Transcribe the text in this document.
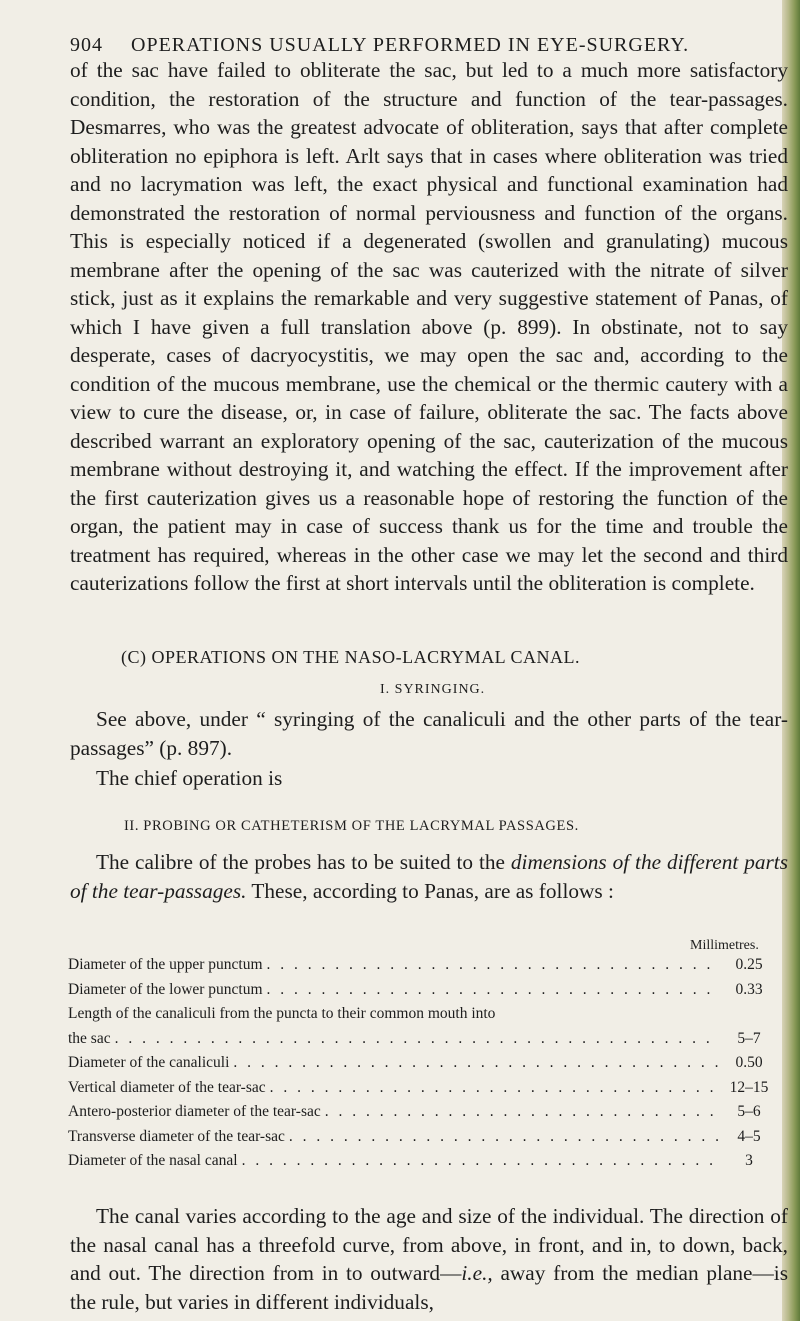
904 OPERATIONS USUALLY PERFORMED IN EYE-SURGERY.

of the sac have failed to obliterate the sac, but led to a much more satisfactory condition, the restoration of the structure and function of the tear-passages. Desmarres, who was the greatest advocate of obliteration, says that after complete obliteration no epiphora is left. Arlt says that in cases where obliteration was tried and no lacrymation was left, the exact physical and functional examination had demonstrated the restoration of normal perviousness and function of the organs. This is especially noticed if a degenerated (swollen and granulating) mucous membrane after the opening of the sac was cauterized with the nitrate of silver stick, just as it explains the remarkable and very suggestive statement of Panas, of which I have given a full translation above (p. 899). In obstinate, not to say desperate, cases of dacryocystitis, we may open the sac and, according to the condition of the mucous membrane, use the chemical or the thermic cautery with a view to cure the disease, or, in case of failure, obliterate the sac. The facts above described warrant an exploratory opening of the sac, cauterization of the mucous membrane without destroying it, and watching the effect. If the improvement after the first cauterization gives us a reasonable hope of restoring the function of the organ, the patient may in case of success thank us for the time and trouble the treatment has required, whereas in the other case we may let the second and third cauterizations follow the first at short intervals until the obliteration is complete.

(C) OPERATIONS ON THE NASO-LACRYMAL CANAL.
I. SYRINGING.

See above, under “ syringing of the canaliculi and the other parts of the tear-passages” (p. 897).

The chief operation is

II. PROBING OR CATHETERISM OF THE LACRYMAL PASSAGES.

The calibre of the probes has to be suited to the dimensions of the different parts of the tear-passages. These, according to Panas, are as follows :

Millimetres.
Diameter of the upper punctum . . .	0.25
Diameter of the lower punctum . . .	0.33
Length of the canaliculi from the puncta to their common mouth into
the sac . . .	5–7
Diameter of the canaliculi . . .	0.50
Vertical diameter of the tear-sac . . .	12–15
Antero-posterior diameter of the tear-sac . . .	5–6
Transverse diameter of the tear-sac . . .	4–5
Diameter of the nasal canal . . .	3

The canal varies according to the age and size of the individual. The direction of the nasal canal has a threefold curve, from above, in front, and in, to down, back, and out. The direction from in to outward—i.e., away from the median plane—is the rule, but varies in different individuals,
